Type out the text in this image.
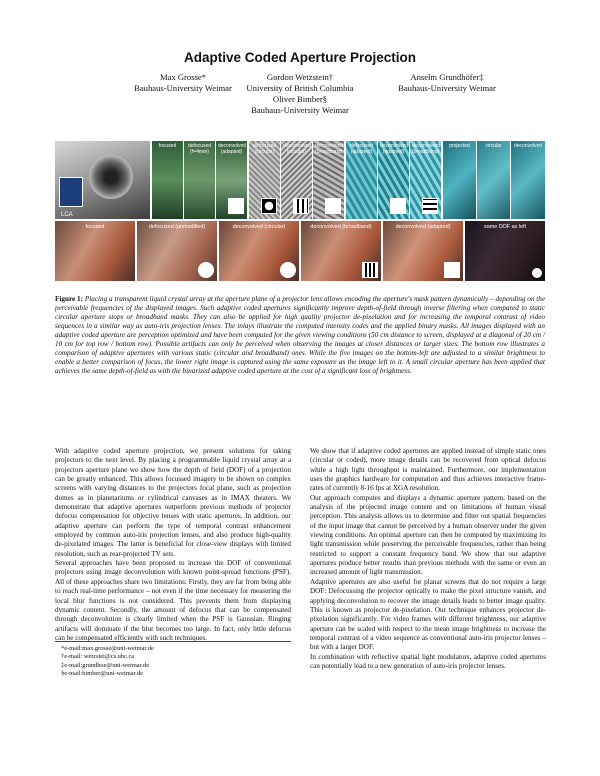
Adaptive Coded Aperture Projection
Max Grosse*
Bauhaus-University Weimar
Gordon Wetzstein†
University of British Columbia
Oliver Bimber§
Bauhaus-University Weimar
Anselm Grundhöfer‡
Bauhaus-University Weimar
LCA
focused	defocused (f=4mm)
deconvolved (adapted)
defocused (circular)
deconvolved (circular)
deconvolved (broadband)
defocused (adapted)
deconvolved (adapted)
deconvolved (broadband)
projected	circular	deconvolved
focused	defocused (unmodified)	deconvolved (circular)	deconvolved (broadband)	deconvolved (adapted)	same DOF as left
Figure 1: Placing a transparent liquid crystal array at the aperture plane of a projector lens allows encoding the aperture's mask pattern dynamically – depending on the perceivable frequencies of the displayed images. Such adaptive coded apertures significantly improve depth-of-field through inverse filtering when compared to static circular aperture stops or broadband masks. They can also be applied for high quality projector de-pixelation and for increasing the temporal contrast of video sequences in a similar way as auto-iris projection lenses. The inlays illustrate the computed intensity codes and the applied binary masks. All images displayed with an adaptive coded aperture are perception optimized and have been computed for the given viewing conditions (50 cm distance to screen, displayed at a diagonal of 20 cm / 10 cm for top row / bottom row). Possible artifacts can only be perceived when observing the images at closer distances or larger sizes. The bottom row illustrates a comparison of adaptive apertures with various static (circular and broadband) ones. While the five images on the bottom-left are adjusted to a similar brightness to enable a better comparison of focus, the lower right image is captured using the same exposure as the image left to it. A small circular aperture has been applied that achieves the same depth-of-field as with the binarized adaptive coded aperture at the cost of a significant loss of brightness.

With adaptive coded aperture projection, we present solutions for taking projectors to the next level. By placing a programmable liquid crystal array at a projectors aperture plane we show how the depth of field (DOF) of a projection can be greatly enhanced. This allows focussed imagery to be shown on complex screens with varying distances to the projectors focal plane, such as projection domes as in planetariums or cylindrical canvases as in IMAX theaters. We demonstrate that adaptive apertures outperform previous methods of projector defocus compensation for objective lenses with static apertures. In addition, our adaptive aperture can perform the type of temporal contrast enhancement employed by common auto-iris projection lenses, and also produce high-quality de-pixelated images. The latter is beneficial for close-view displays with limited resolution, such as rear-projected TV sets.

Several approaches have been proposed to increase the DOF of conventional projectors using image deconvolution with known point-spread functions (PSF). All of these approaches share two limitations: Firstly, they are far from being able to reach real-time performance – not even if the time necessary for measuring the local blur functions is not considered. This prevents them from displaying dynamic content. Secondly, the amount of defocus that can be compensated through deconvolution is clearly limited when the PSF is Gaussian. Ringing artifacts will dominate if the blur becomes too large. In fact, only little defocus can be compensated efficiently with such techniques.

*e-mail:max.grosse@uni-weimar.de
†e-mail: wetzstei@cs.ubc.ca
‡e-mail:grundhoe@uni-weimar.de
§e-mail:bimber@uni-weimar.de

We show that if adaptive coded apertures are applied instead of simple static ones (circular or coded), more image details can be recovered from optical defocus while a high light throughput is maintained. Furthermore, our implementation uses the graphics hardware for computation and thus achieves interactive frame-rates of currently 8-16 fps at XGA resolution.

Our approach computes and displays a dynamic aperture pattern, based on the analysis of the projected image content and on limitations of human visual perception. This analysis allows us to determine and filter out spatial frequencies of the input image that cannot be perceived by a human observer under the given viewing conditions. An optimal aperture can then be computed by maximizing its light transmission while preserving the perceivable frequencies, rather than being restricted to support a constant frequency band. We show that our adaptive apertures produce better results than previous methods with the same or even an increased amount of light transmission.

Adaptive apertures are also useful for planar screens that do not require a large DOF: Defocussing the projector optically to make the pixel structure vanish, and applying deconvolution to recover the image details leads to better image quality. This is known as projector de-pixelation. Our technique enhances projector de-pixelation significantly. For video frames with different brightness, our adaptive aperture can be scaled with respect to the mean image brightness to increase the temporal contrast of a video sequence as conventional auto-iris projector lenses – but with a larger DOF.

In combination with reflective spatial light modulators, adaptive coded apertures can potentially lead to a new generation of auto-iris projector lenses.
